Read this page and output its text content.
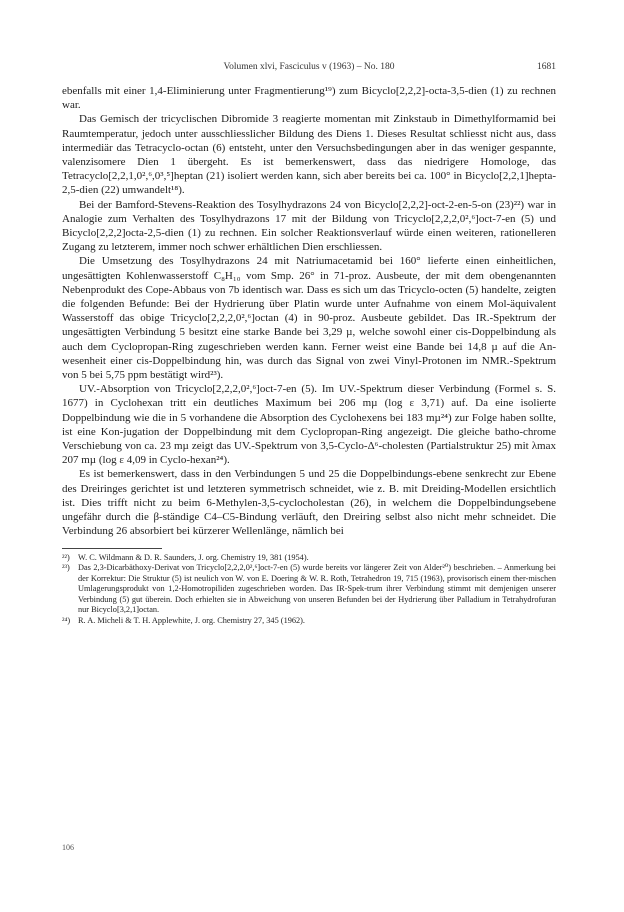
Volumen xlvi, Fasciculus v (1963) – No. 180	1681

ebenfalls mit einer 1,4-Eliminierung unter Fragmentierung¹⁹) zum Bicyclo[2,2,2]-octa-3,5-dien (1) zu rechnen war.

Das Gemisch der tricyclischen Dibromide 3 reagierte momentan mit Zinkstaub in Dimethylformamid bei Raumtemperatur, jedoch unter ausschliesslicher Bildung des Diens 1. Dieses Resultat schliesst nicht aus, dass intermediär das Tetracyclo-octan (6) entsteht, unter den Versuchsbedingungen aber in das weniger gespannte, valenzisomere Dien 1 übergeht. Es ist bemerkenswert, dass das niedrigere Homologe, das Tetracyclo[2,2,1,0²,⁶,0³,⁵]heptan (21) isoliert werden kann, sich aber bereits bei ca. 100° in Bicyclo[2,2,1]hepta-2,5-dien (22) umwandelt¹⁸).

Bei der Bamford-Stevens-Reaktion des Tosylhydrazons 24 von Bicyclo[2,2,2]-oct-2-en-5-on (23)²²) war in Analogie zum Verhalten des Tosylhydrazons 17 mit der Bildung von Tricyclo[2,2,2,0²,⁶]oct-7-en (5) und Bicyclo[2,2,2]octa-2,5-dien (1) zu rechnen. Ein solcher Reaktionsverlauf würde einen weiteren, rationelleren Zugang zu letzterem, immer noch schwer erhältlichen Dien erschliessen.

Die Umsetzung des Tosylhydrazons 24 mit Natriumacetamid bei 160° lieferte einen einheitlichen, ungesättigten Kohlenwasserstoff C₈H₁₀ vom Smp. 26° in 71-proz. Ausbeute, der mit dem obengenannten Nebenprodukt des Cope-Abbaus von 7b identisch war. Dass es sich um das Tricyclo-octen (5) handelte, zeigten die folgenden Befunde: Bei der Hydrierung über Platin wurde unter Aufnahme von einem Mol-äquivalent Wasserstoff das obige Tricyclo[2,2,2,0²,⁶]octan (4) in 90-proz. Ausbeute gebildet. Das IR.-Spektrum der ungesättigten Verbindung 5 besitzt eine starke Bande bei 3,29 µ, welche sowohl einer cis-Doppelbindung als auch dem Cyclopropan-Ring zugeschrieben werden kann. Ferner weist eine Bande bei 14,8 µ auf die An-wesenheit einer cis-Doppelbindung hin, was durch das Signal von zwei Vinyl-Protonen im NMR.-Spektrum von 5 bei 5,75 ppm bestätigt wird²³).

UV.-Absorption von Tricyclo[2,2,2,0²,⁶]oct-7-en (5). Im UV.-Spektrum dieser Verbindung (Formel s. S. 1677) in Cyclohexan tritt ein deutliches Maximum bei 206 mµ (log ε 3,71) auf. Da eine isolierte Doppelbindung wie die in 5 vorhandene die Absorption des Cyclohexens bei 183 mµ²⁴) zur Folge haben sollte, ist eine Kon-jugation der Doppelbindung mit dem Cyclopropan-Ring angezeigt. Die gleiche batho-chrome Verschiebung von ca. 23 mµ zeigt das UV.-Spektrum von 3,5-Cyclo-Δ⁶-cholesten (Partialstruktur 25) mit λmax 207 mµ (log ε 4,09 in Cyclo-hexan²⁴).

Es ist bemerkenswert, dass in den Verbindungen 5 und 25 die Doppelbindungs-ebene senkrecht zur Ebene des Dreiringes gerichtet ist und letzteren symmetrisch schneidet, wie z. B. mit Dreiding-Modellen ersichtlich ist. Dies trifft nicht zu beim 6-Methylen-3,5-cyclocholestan (26), in welchem die Doppelbindungsebene ungefähr durch die β-ständige C4–C5-Bindung verläuft, den Dreiring selbst also nicht mehr schneidet. Die Verbindung 26 absorbiert bei kürzerer Wellenlänge, nämlich bei

²²) W. C. Wildmann & D. R. Saunders, J. org. Chemistry 19, 381 (1954).
²³) Das 2,3-Dicarbäthoxy-Derivat von Tricyclo[2,2,2,0²,⁶]oct-7-en (5) wurde bereits vor längerer Zeit von Alder²⁰) beschrieben. – Anmerkung bei der Korrektur: Die Struktur (5) ist neulich von W. von E. Doering & W. R. Roth, Tetrahedron 19, 715 (1963), provisorisch einem ther-mischen Umlagerungsprodukt von 1,2-Homotropiliden zugeschrieben worden. Das IR-Spek-trum ihrer Verbindung stimmt mit demjenigen unserer Verbindung (5) gut überein. Doch erhielten sie in Abweichung von unseren Befunden bei der Hydrierung über Palladium in Tetrahydrofuran nur Bicyclo[3,2,1]octan.
²⁴) R. A. Micheli & T. H. Applewhite, J. org. Chemistry 27, 345 (1962).
106
